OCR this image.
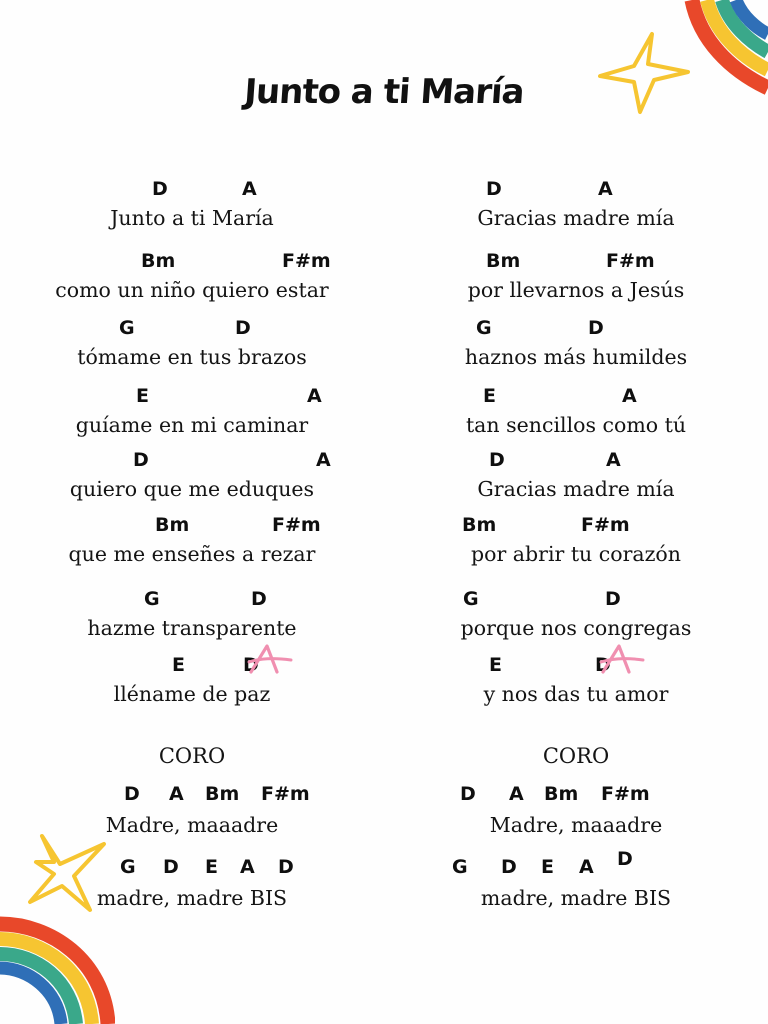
Junto a ti María
D	A
Junto a ti María
Bm	F#m
como un niño quiero estar
G	D
tómame en tus brazos
E	A
guíame en mi caminar
D	A
quiero que me eduques
Bm	F#m
que me enseñes a rezar
G	D
hazme transparente
E	D
lléname de paz
CORO
D A Bm F#m
Madre, maaadre
G D E A D
madre, madre BIS
D	A
Gracias madre mía
Bm	F#m
por llevarnos a Jesús
G	D
haznos más humildes
E	A
tan sencillos como tú
D	A
Gracias madre mía
Bm	F#m
por abrir tu corazón
G	D
porque nos congregas
E	D
y nos das tu amor
CORO
D A Bm F#m
Madre, maaadre
G D E A D
madre, madre BIS
